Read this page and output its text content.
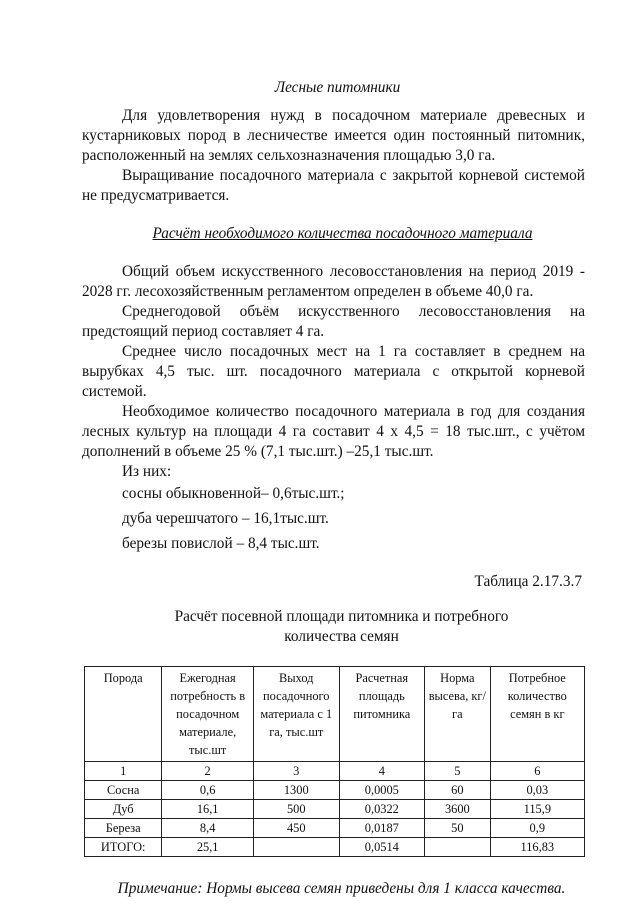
Лесные питомники

Для удовлетворения нужд в посадочном материале древесных и кустарниковых пород в лесничестве имеется один постоянный питомник, расположенный на землях сельхозназначения площадью 3,0 га.

Выращивание посадочного материала с закрытой корневой системой не предусматривается.

Расчёт необходимого количества посадочного материала

Общий объем искусственного лесовосстановления на период 2019 - 2028 гг. лесохозяйственным регламентом определен в объеме 40,0 га.

Среднегодовой объём искусственного лесовосстановления на предстоящий период составляет 4 га.

Среднее число посадочных мест на 1 га составляет в среднем на вырубках 4,5 тыс. шт. посадочного материала с открытой корневой системой.

Необходимое количество посадочного материала в год для создания лесных культур на площади 4 га составит 4 х 4,5 = 18 тыс.шт., с учётом дополнений в объеме 25 % (7,1 тыс.шт.) –25,1 тыс.шт.

Из них:

сосны обыкновенной– 0,6тыс.шт.;

дуба черешчатого – 16,1тыс.шт.

березы повислой – 8,4 тыс.шт.

Таблица 2.17.3.7

Расчёт посевной площади питомника и потребного

количества семян

Порода	Ежегодная потребность в посадочном материале, тыс.шт	Выход посадочного материала с 1 га, тыс.шт	Расчетная площадь питомника	Норма высева, кг/га	Потребное количество семян в кг
1	2	3	4	5	6
Сосна	0,6	1300	0,0005	60	0,03
Дуб	16,1	500	0,0322	3600	115,9
Береза	8,4	450	0,0187	50	0,9
ИТОГО:	25,1		0,0514		116,83

Примечание: Нормы высева семян приведены для 1 класса качества.
